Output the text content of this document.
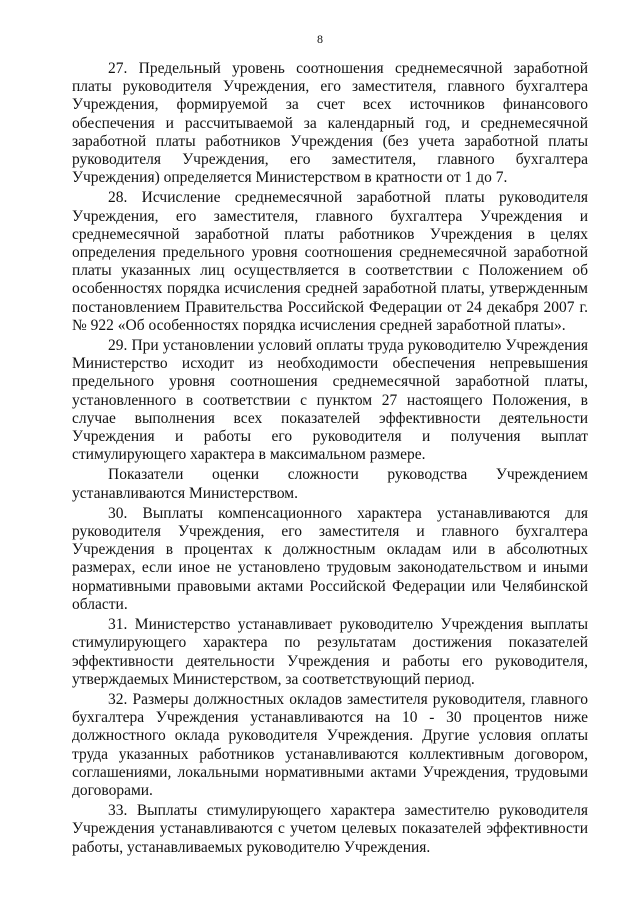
8

27. Предельный уровень соотношения среднемесячной заработной платы руководителя Учреждения, его заместителя, главного бухгалтера Учреждения, формируемой за счет всех источников финансового обеспечения и рассчитываемой за календарный год, и среднемесячной заработной платы работников Учреждения (без учета заработной платы руководителя Учреждения, его заместителя, главного бухгалтера Учреждения) определяется Министерством в кратности от 1 до 7.

28. Исчисление среднемесячной заработной платы руководителя Учреждения, его заместителя, главного бухгалтера Учреждения и среднемесячной заработной платы работников Учреждения в целях определения предельного уровня соотношения среднемесячной заработной платы указанных лиц осуществляется в соответствии с Положением об особенностях порядка исчисления средней заработной платы, утвержденным постановлением Правительства Российской Федерации от 24 декабря 2007 г. № 922 «Об особенностях порядка исчисления средней заработной платы».

29. При установлении условий оплаты труда руководителю Учреждения Министерство исходит из необходимости обеспечения непревышения предельного уровня соотношения среднемесячной заработной платы, установленного в соответствии с пунктом 27 настоящего Положения, в случае выполнения всех показателей эффективности деятельности Учреждения и работы его руководителя и получения выплат стимулирующего характера в максимальном размере.

Показатели оценки сложности руководства Учреждением устанавливаются Министерством.

30. Выплаты компенсационного характера устанавливаются для руководителя Учреждения, его заместителя и главного бухгалтера Учреждения в процентах к должностным окладам или в абсолютных размерах, если иное не установлено трудовым законодательством и иными нормативными правовыми актами Российской Федерации или Челябинской области.

31. Министерство устанавливает руководителю Учреждения выплаты стимулирующего характера по результатам достижения показателей эффективности деятельности Учреждения и работы его руководителя, утверждаемых Министерством, за соответствующий период.

32. Размеры должностных окладов заместителя руководителя, главного бухгалтера Учреждения устанавливаются на 10 - 30 процентов ниже должностного оклада руководителя Учреждения. Другие условия оплаты труда указанных работников устанавливаются коллективным договором, соглашениями, локальными нормативными актами Учреждения, трудовыми договорами.

33. Выплаты стимулирующего характера заместителю руководителя Учреждения устанавливаются с учетом целевых показателей эффективности работы, устанавливаемых руководителю Учреждения.
